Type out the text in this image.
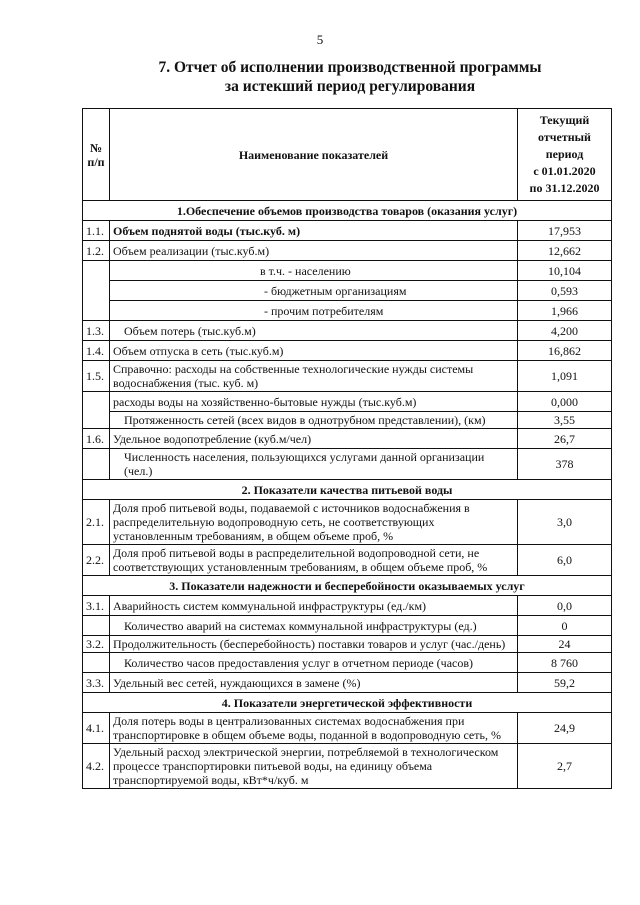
5
7. Отчет об исполнении производственной программы
за истекший период регулирования
№ п/п	Наименование показателей	Текущий
отчетный
период
с 01.01.2020
по 31.12.2020

1.Обеспечение объемов производства товаров (оказания услуг)		
1.1.	Объем поднятой воды (тыс.куб. м)	17,953
1.2.	Объем реализации (тыс.куб.м)	12,662
	в т.ч. - населению	10,104
	- бюджетным организациям	0,593
	- прочим потребителям	1,966
1.3.	Объем потерь (тыс.куб.м)	4,200
1.4.	Объем отпуска в сеть (тыс.куб.м)	16,862
1.5.	Справочно: расходы на собственные технологические нужды системы водоснабжения (тыс. куб. м)	1,091
	расходы воды на хозяйственно-бытовые нужды (тыс.куб.м)	0,000
	Протяженность сетей (всех видов в однотрубном представлении), (км)	3,55
1.6.	Удельное водопотребление (куб.м/чел)	26,7
	Численность населения, пользующихся услугами данной организации (чел.)	378
2. Показатели качества питьевой воды		
2.1.	Доля проб питьевой воды, подаваемой с источников водоснабжения в распределительную водопроводную сеть, не соответствующих установленным требованиям, в общем объеме проб, %	3,0
2.2.	Доля проб питьевой воды в распределительной водопроводной сети, не соответствующих установленным требованиям, в общем объеме проб, %	6,0
3. Показатели надежности и бесперебойности оказываемых услуг		
3.1.	Аварийность систем коммунальной инфраструктуры (ед./км)	0,0
	Количество аварий на системах коммунальной инфраструктуры (ед.)	0
3.2.	Продолжительность (бесперебойность) поставки товаров и услуг (час./день)	24
	Количество часов предоставления услуг в отчетном периоде (часов)	8 760
3.3.	Удельный вес сетей, нуждающихся в замене (%)	59,2
4. Показатели энергетической эффективности		
4.1.	Доля потерь воды в централизованных системах водоснабжения при транспортировке в общем объеме воды, поданной в водопроводную сеть, %	24,9
4.2.	Удельный расход электрической энергии, потребляемой в технологическом процессе транспортировки питьевой воды, на единицу объема транспортируемой воды, кВт*ч/куб. м	2,7
